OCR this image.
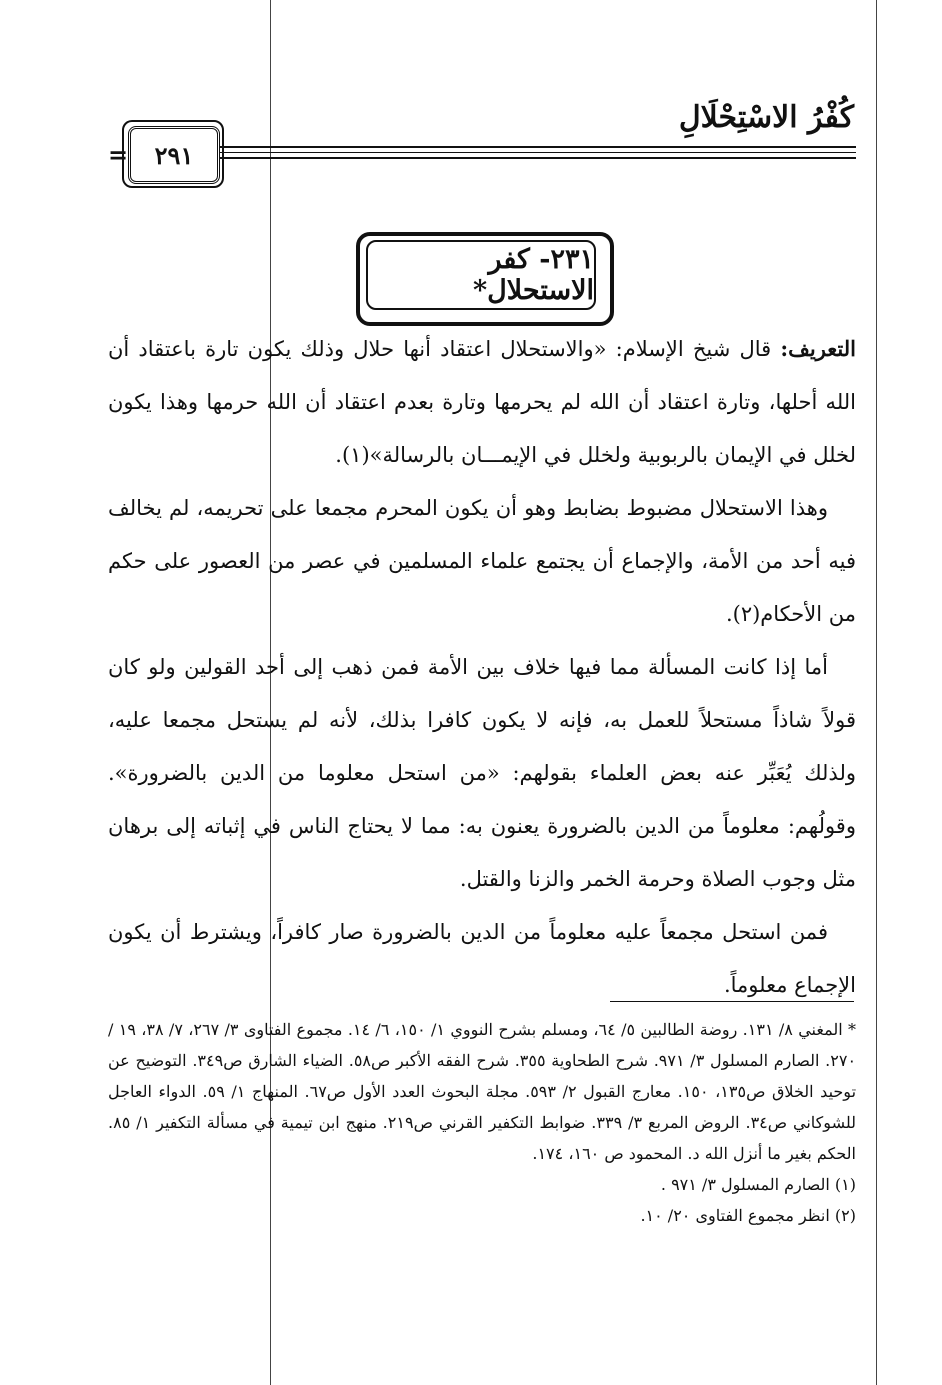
كُفْرُ الاسْتِحْلَالِ
=	٢٩١
٢٣١- كفر الاستحلال*

التعريف: قال شيخ الإسلام: «والاستحلال اعتقاد أنها حلال وذلك يكون تارة باعتقاد أن الله أحلها، وتارة اعتقاد أن الله لم يحرمها وتارة بعدم اعتقاد أن الله حرمها وهذا يكون لخلل في الإيمان بالربوبية ولخلل في الإيمـــان بالرسالة»(١).

وهذا الاستحلال مضبوط بضابط وهو أن يكون المحرم مجمعا على تحريمه، لم يخالف فيه أحد من الأمة، والإجماع أن يجتمع علماء المسلمين في عصر من العصور على حكم من الأحكام(٢).

أما إذا كانت المسألة مما فيها خلاف بين الأمة فمن ذهب إلى أحد القولين ولو كان قولاً شاذاً مستحلاً للعمل به، فإنه لا يكون كافرا بذلك، لأنه لم يستحل مجمعا عليه، ولذلك يُعَبِّر عنه بعض العلماء بقولهم: «من استحل معلوما من الدين بالضرورة». وقولُهم: معلوماً من الدين بالضرورة يعنون به: مما لا يحتاج الناس في إثباته إلى برهان مثل وجوب الصلاة وحرمة الخمر والزنا والقتل.

فمن استحل مجمعاً عليه معلوماً من الدين بالضرورة صار كافراً، ويشترط أن يكون الإجماع معلوماً.

* المغني ٨/ ١٣١. روضة الطالبين ٥/ ٦٤، ومسلم بشرح النووي ١/ ١٥٠، ٦/ ١٤. مجموع الفتاوى ٣/ ٢٦٧، ٧/ ٣٨، ١٩ / ٢٧٠. الصارم المسلول ٣/ ٩٧١. شرح الطحاوية ٣٥٥. شرح الفقه الأكبر ص٥٨. الضياء الشارق ص٣٤٩. التوضيح عن توحيد الخلاق ص١٣٥، ١٥٠. معارج القبول ٢/ ٥٩٣. مجلة البحوث العدد الأول ص٦٧. المنهاج ١/ ٥٩. الدواء العاجل للشوكاني ص٣٤. الروض المربع ٣/ ٣٣٩. ضوابط التكفير القرني ص٢١٩. منهج ابن تيمية في مسألة التكفير ١/ ٨٥. الحكم بغير ما أنزل الله د. المحمود ص ١٦٠، ١٧٤.

(١) الصارم المسلول ٣/ ٩٧١ .

(٢) انظر مجموع الفتاوى ٢٠/ ١٠.
